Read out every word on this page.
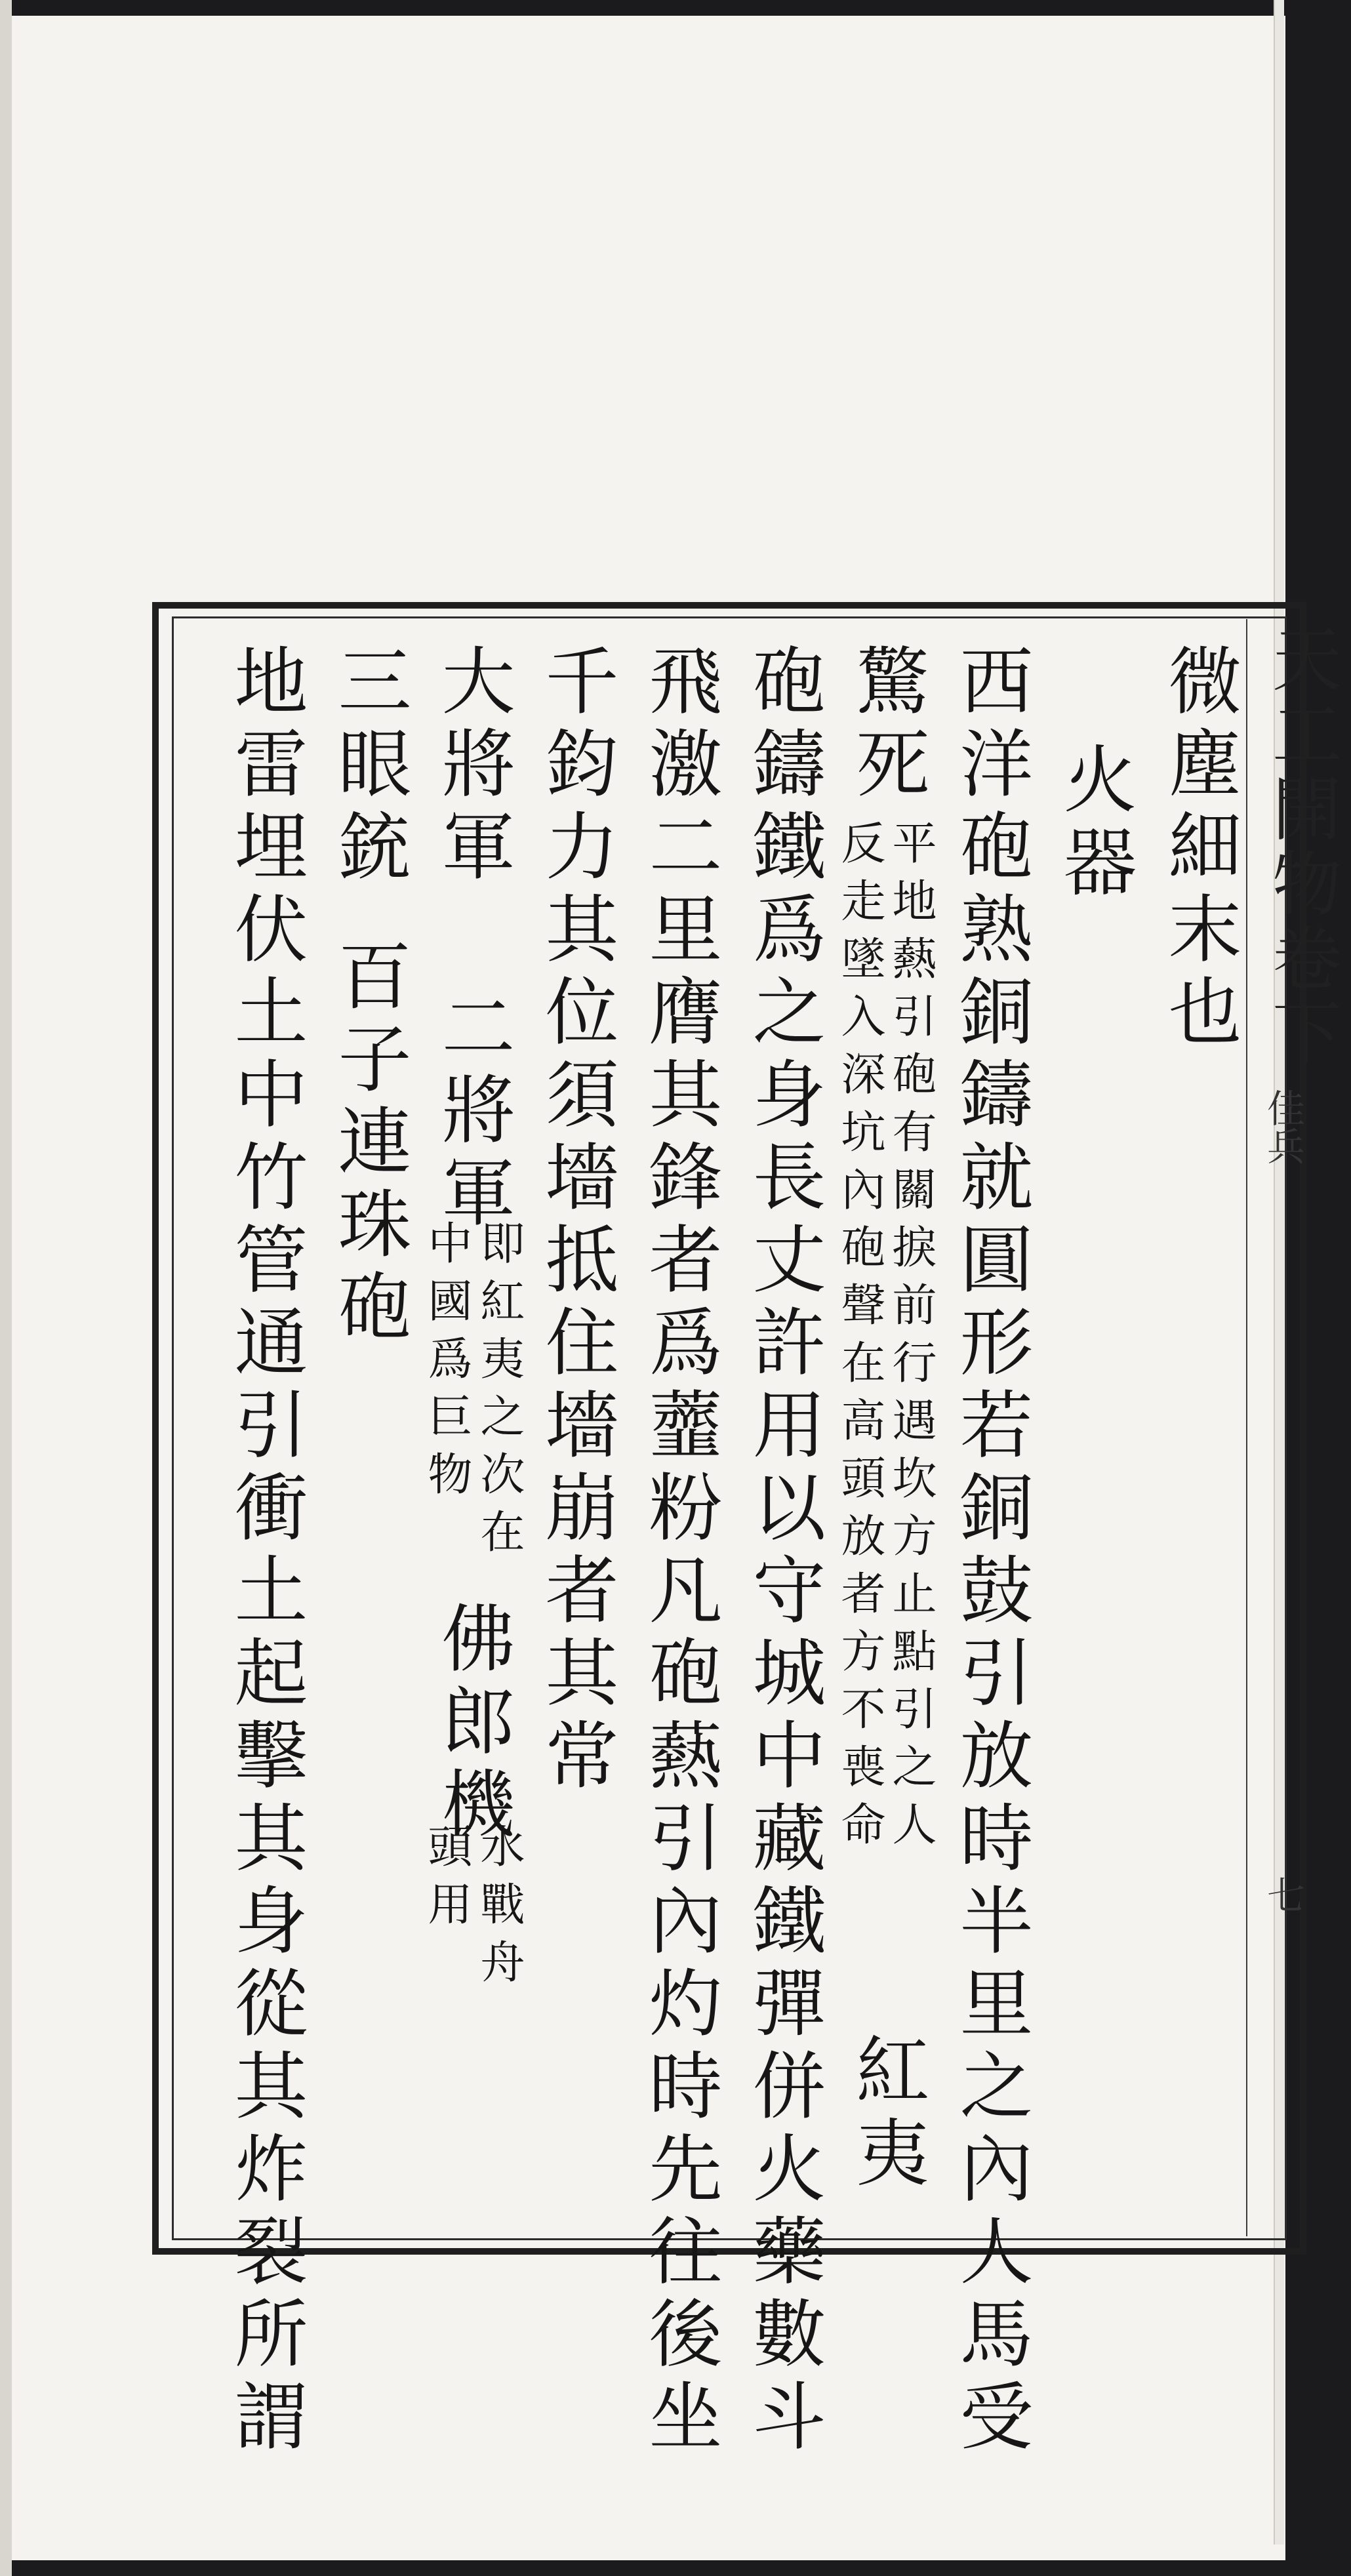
天工開物卷下
佳兵
七
微塵細末也
火器
西洋砲熟銅鑄就圓形若銅鼓引放時半里之內人馬受
驚死
平地爇引砲有關捩前行遇坎方止點引之人
反走墜入深坑內砲聲在高頭放者方不喪命
紅夷
砲鑄鐵爲之身長丈許用以守城中藏鐵彈併火藥數斗
飛激二里膺其鋒者爲虀粉凡砲爇引內灼時先往後坐
千鈞力其位須墻抵住墻崩者其常
大將軍
二將軍
即紅夷之次在
中國爲巨物
佛郎機
水戰舟
頭用
三眼銃
百子連珠砲
地雷埋伏土中竹管通引衝土起擊其身從其炸裂所謂
